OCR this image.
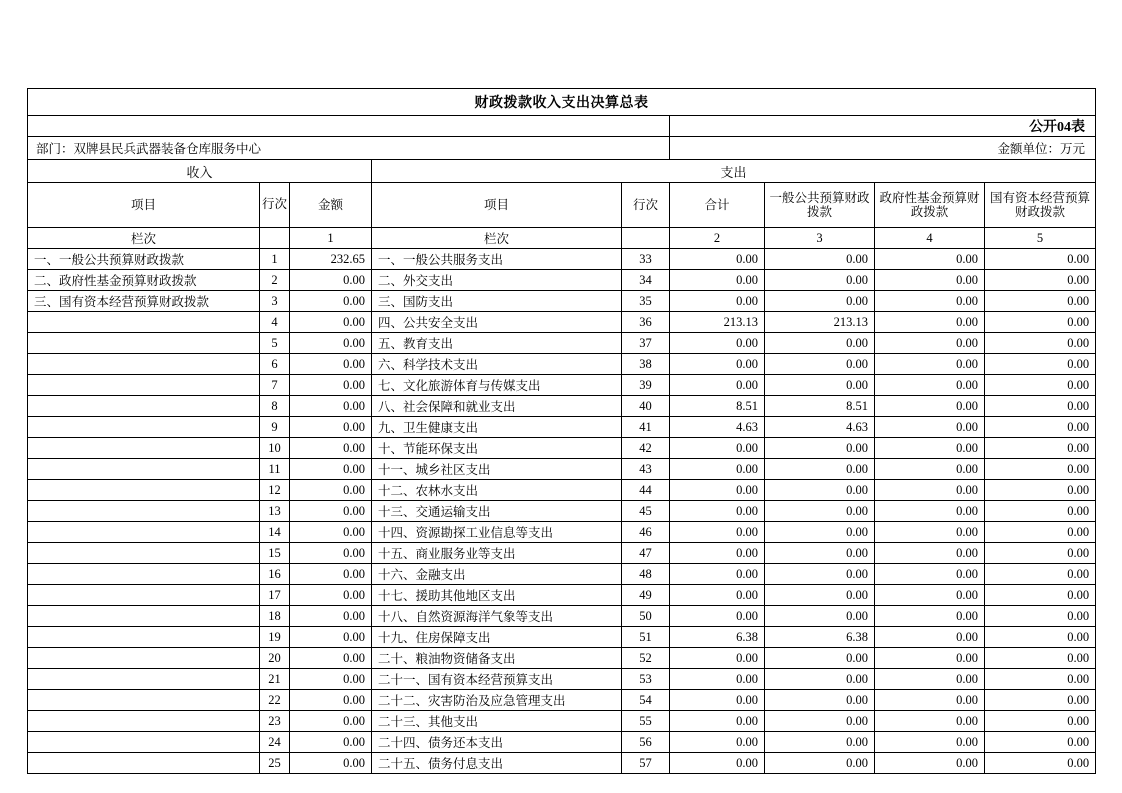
财政拨款收入支出决算总表								
					公开04表			
部门：双牌县民兵武器装备仓库服务中心					金额单位：万元			
收入			支出					
项目	行次	金额	项目	行次	合计	一般公共预算财政拨款	政府性基金预算财政拨款	国有资本经营预算财政拨款
栏次		1	栏次		2	3	4	5
一、一般公共预算财政拨款	1	232.65	一、一般公共服务支出	33	0.00	0.00	0.00	0.00
二、政府性基金预算财政拨款	2	0.00	二、外交支出	34	0.00	0.00	0.00	0.00
三、国有资本经营预算财政拨款	3	0.00	三、国防支出	35	0.00	0.00	0.00	0.00
	4	0.00	四、公共安全支出	36	213.13	213.13	0.00	0.00
	5	0.00	五、教育支出	37	0.00	0.00	0.00	0.00
	6	0.00	六、科学技术支出	38	0.00	0.00	0.00	0.00
	7	0.00	七、文化旅游体育与传媒支出	39	0.00	0.00	0.00	0.00
	8	0.00	八、社会保障和就业支出	40	8.51	8.51	0.00	0.00
	9	0.00	九、卫生健康支出	41	4.63	4.63	0.00	0.00
	10	0.00	十、节能环保支出	42	0.00	0.00	0.00	0.00
	11	0.00	十一、城乡社区支出	43	0.00	0.00	0.00	0.00
	12	0.00	十二、农林水支出	44	0.00	0.00	0.00	0.00
	13	0.00	十三、交通运输支出	45	0.00	0.00	0.00	0.00
	14	0.00	十四、资源勘探工业信息等支出	46	0.00	0.00	0.00	0.00
	15	0.00	十五、商业服务业等支出	47	0.00	0.00	0.00	0.00
	16	0.00	十六、金融支出	48	0.00	0.00	0.00	0.00
	17	0.00	十七、援助其他地区支出	49	0.00	0.00	0.00	0.00
	18	0.00	十八、自然资源海洋气象等支出	50	0.00	0.00	0.00	0.00
	19	0.00	十九、住房保障支出	51	6.38	6.38	0.00	0.00
	20	0.00	二十、粮油物资储备支出	52	0.00	0.00	0.00	0.00
	21	0.00	二十一、国有资本经营预算支出	53	0.00	0.00	0.00	0.00
	22	0.00	二十二、灾害防治及应急管理支出	54	0.00	0.00	0.00	0.00
	23	0.00	二十三、其他支出	55	0.00	0.00	0.00	0.00
	24	0.00	二十四、债务还本支出	56	0.00	0.00	0.00	0.00
	25	0.00	二十五、债务付息支出	57	0.00	0.00	0.00	0.00
